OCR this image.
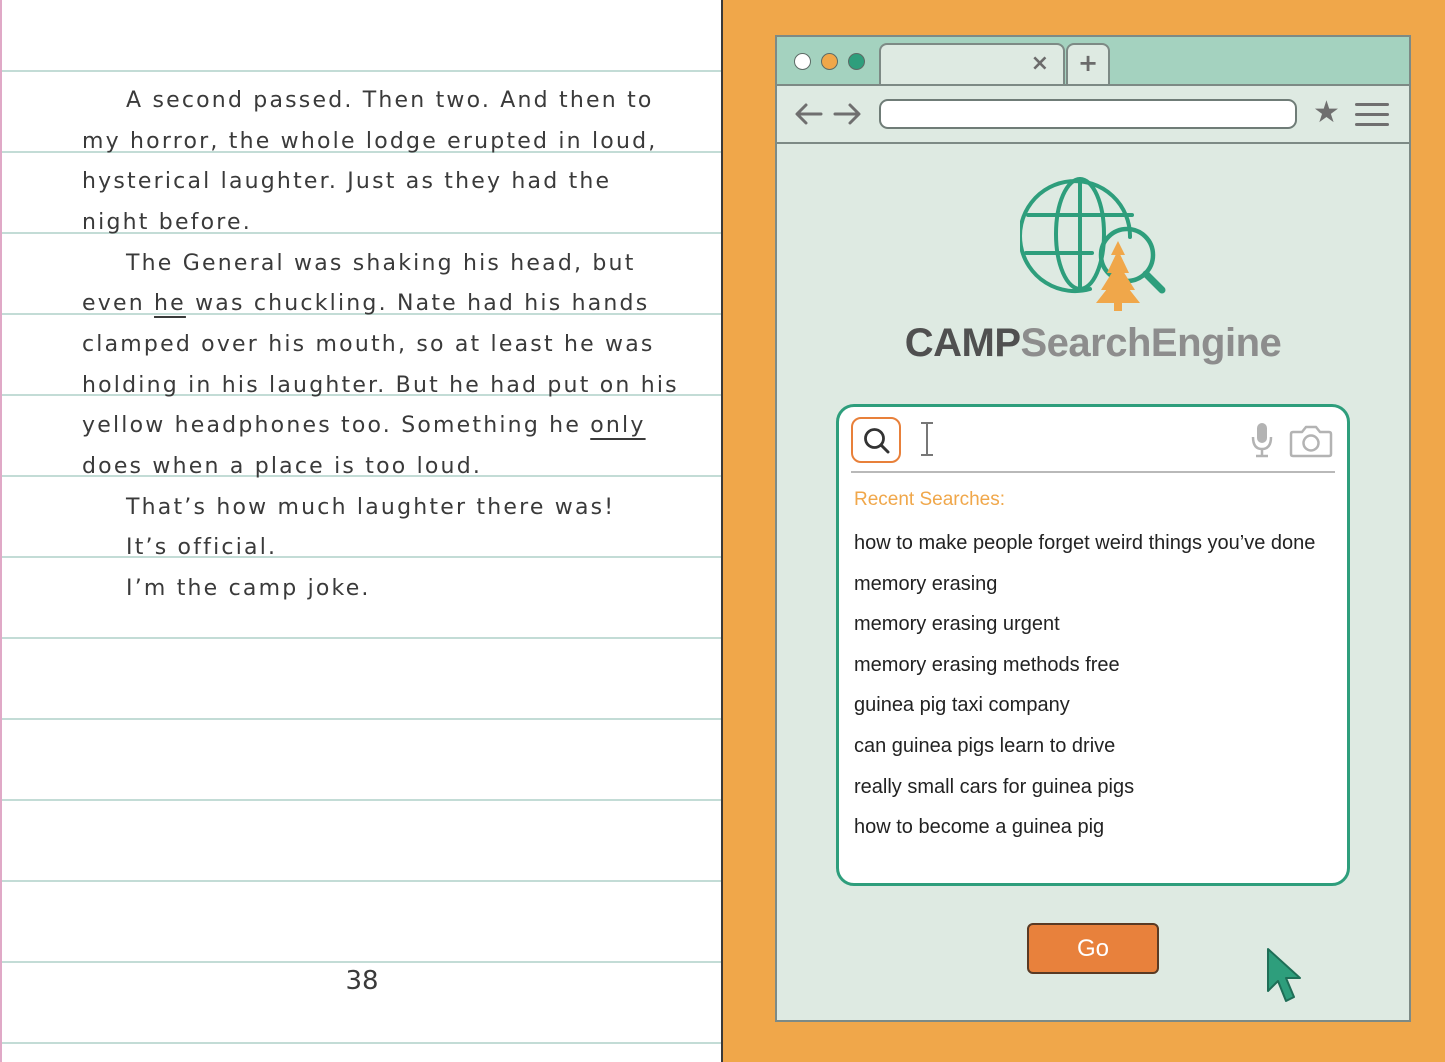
A second passed. Then two. And then to
my horror, the whole lodge erupted in loud,
hysterical laughter. Just as they had the
night before.
The General was shaking his head, but
even he was chuckling. Nate had his hands
clamped over his mouth, so at least he was
holding in his laughter. But he had put on his
yellow headphones too. Something he only
does when a place is too loud.
That’s how much laughter there was!
It’s official.
I’m the camp joke.
38
×	+
★
CAMPSearchEngine
Recent Searches:
how to make people forget weird things you’ve done
memory erasing
memory erasing urgent
memory erasing methods free
guinea pig taxi company
can guinea pigs learn to drive
really small cars for guinea pigs
how to become a guinea pig
Go
